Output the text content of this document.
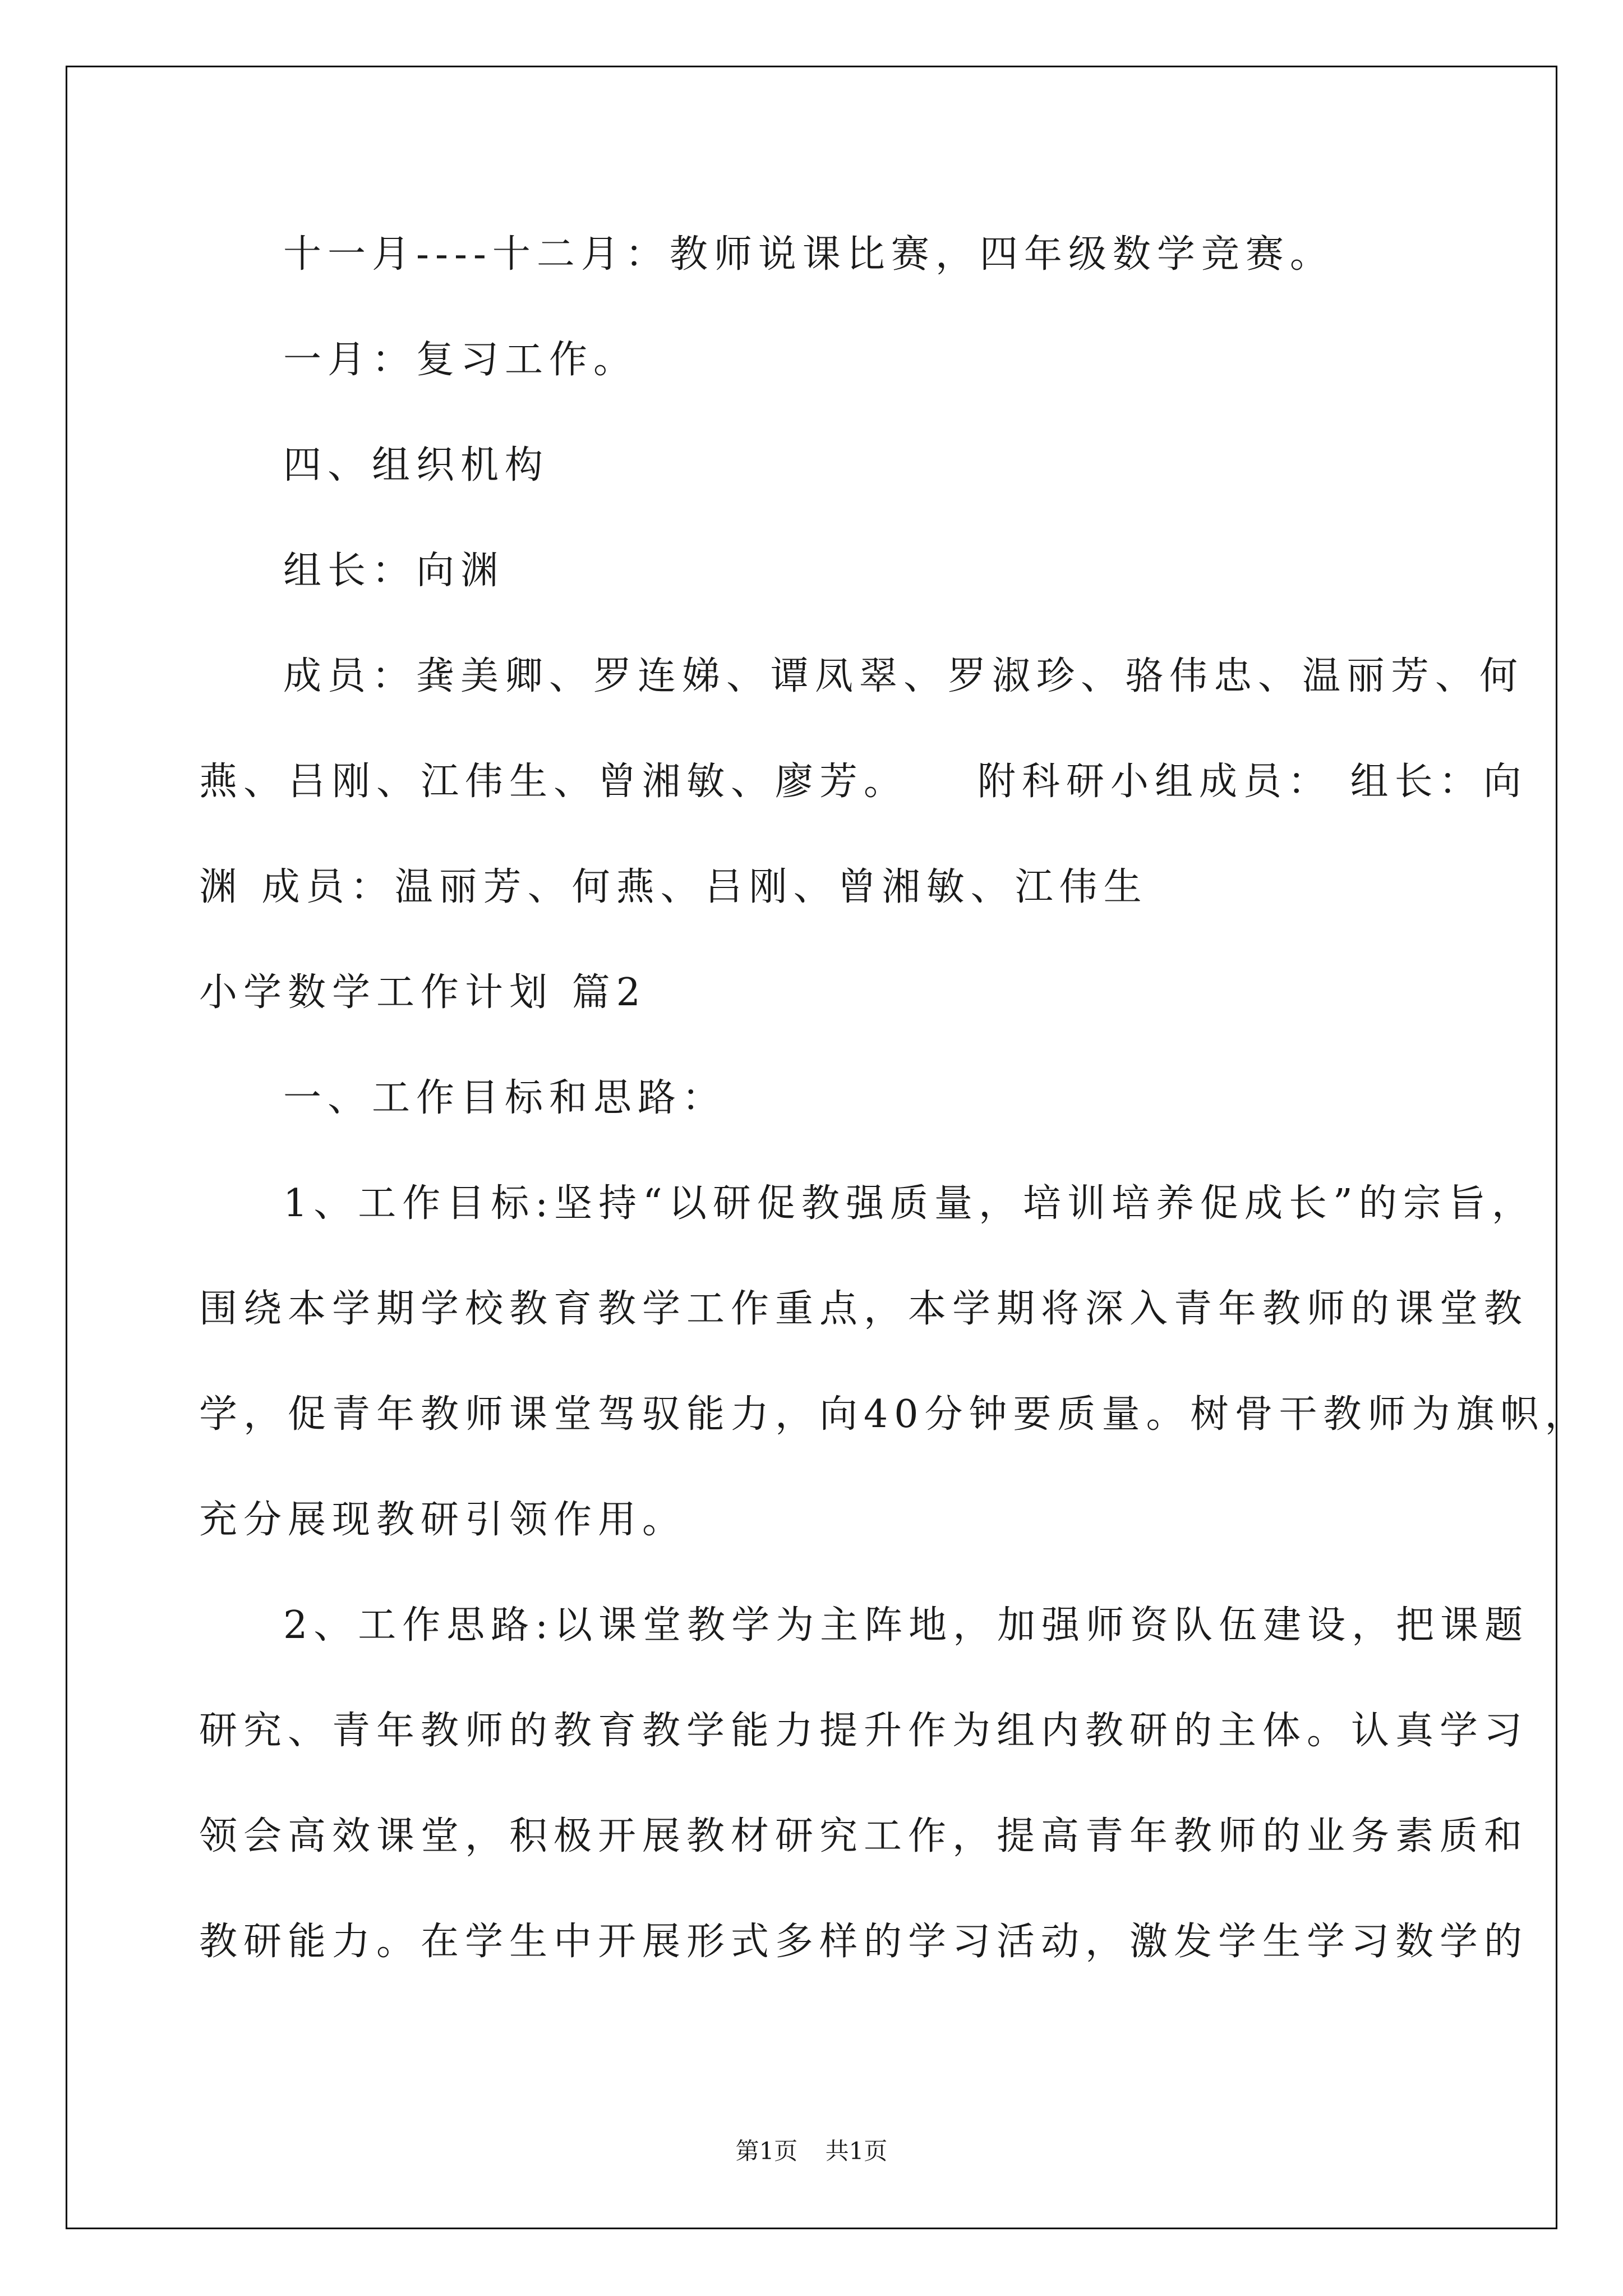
十一月----十二月：教师说课比赛，四年级数学竞赛。
一月：复习工作。
四、组织机构
组长：向渊
成员：龚美卿、罗连娣、谭凤翠、罗淑珍、骆伟忠、温丽芳、何
燕、吕刚、江伟生、曾湘敏、廖芳。　　附科研小组成员： 组长：向
渊 成员：温丽芳、何燕、吕刚、曾湘敏、江伟生
小学数学工作计划 篇2
一、工作目标和思路：
1、工作目标:坚持“以研促教强质量，培训培养促成长”的宗旨，
围绕本学期学校教育教学工作重点，本学期将深入青年教师的课堂教
学，促青年教师课堂驾驭能力，向40分钟要质量。树骨干教师为旗帜，
充分展现教研引领作用。
2、工作思路:以课堂教学为主阵地，加强师资队伍建设，把课题
研究、青年教师的教育教学能力提升作为组内教研的主体。认真学习
领会高效课堂，积极开展教材研究工作，提高青年教师的业务素质和
教研能力。在学生中开展形式多样的学习活动，激发学生学习数学的
第1页 共1页
